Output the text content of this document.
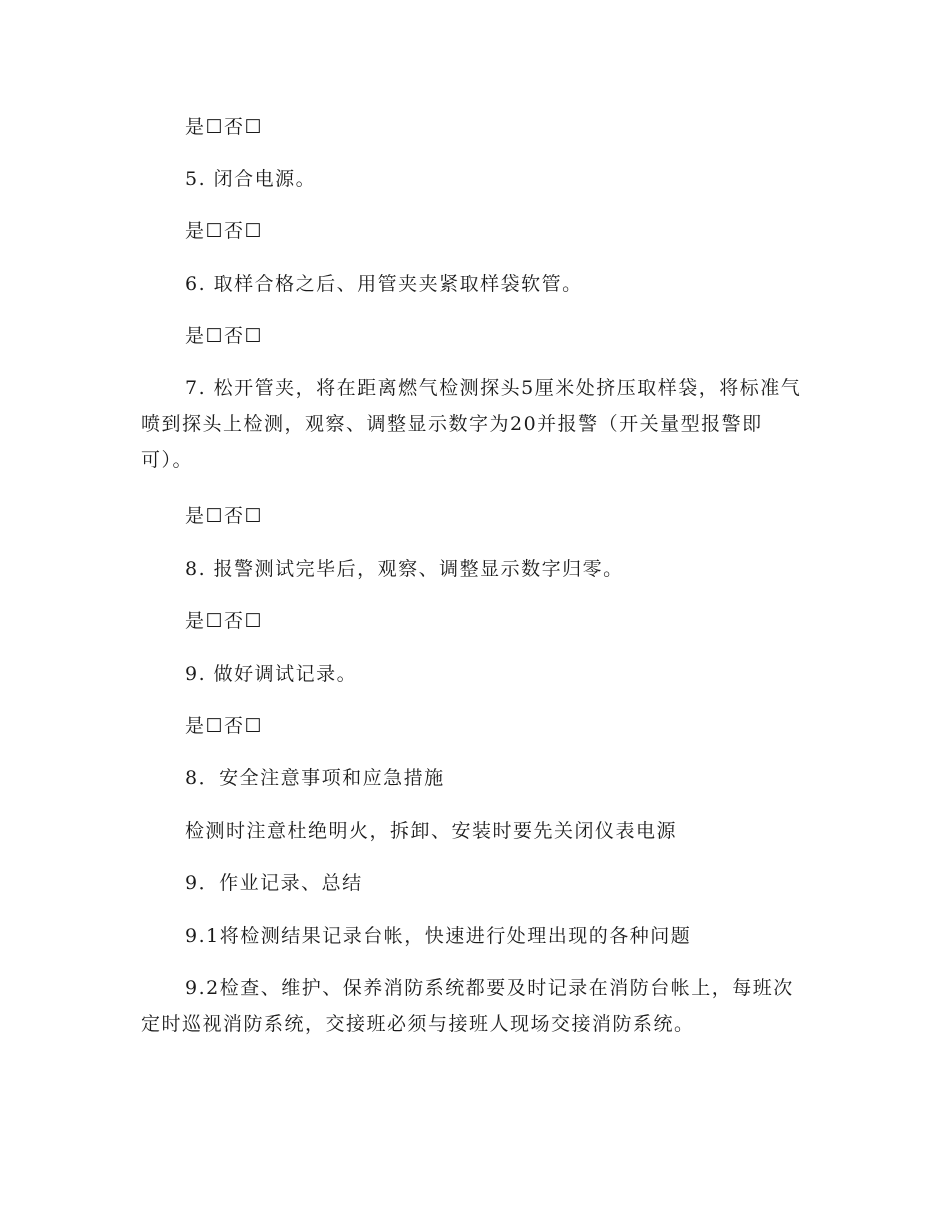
是☐否☐

5. 闭合电源。

是☐否☐

6. 取样合格之后、用管夹夹紧取样袋软管。

是☐否☐

7. 松开管夹，将在距离燃气检测探头5厘米处挤压取样袋，将标准气喷到探头上检测，观察、调整显示数字为20并报警（开关量型报警即可）。

是☐否☐

8. 报警测试完毕后，观察、调整显示数字归零。

是☐否☐

9. 做好调试记录。

是☐否☐

8．安全注意事项和应急措施

检测时注意杜绝明火，拆卸、安装时要先关闭仪表电源

9．作业记录、总结

9.1将检测结果记录台帐，快速进行处理出现的各种问题

9.2检查、维护、保养消防系统都要及时记录在消防台帐上，每班次定时巡视消防系统，交接班必须与接班人现场交接消防系统。
